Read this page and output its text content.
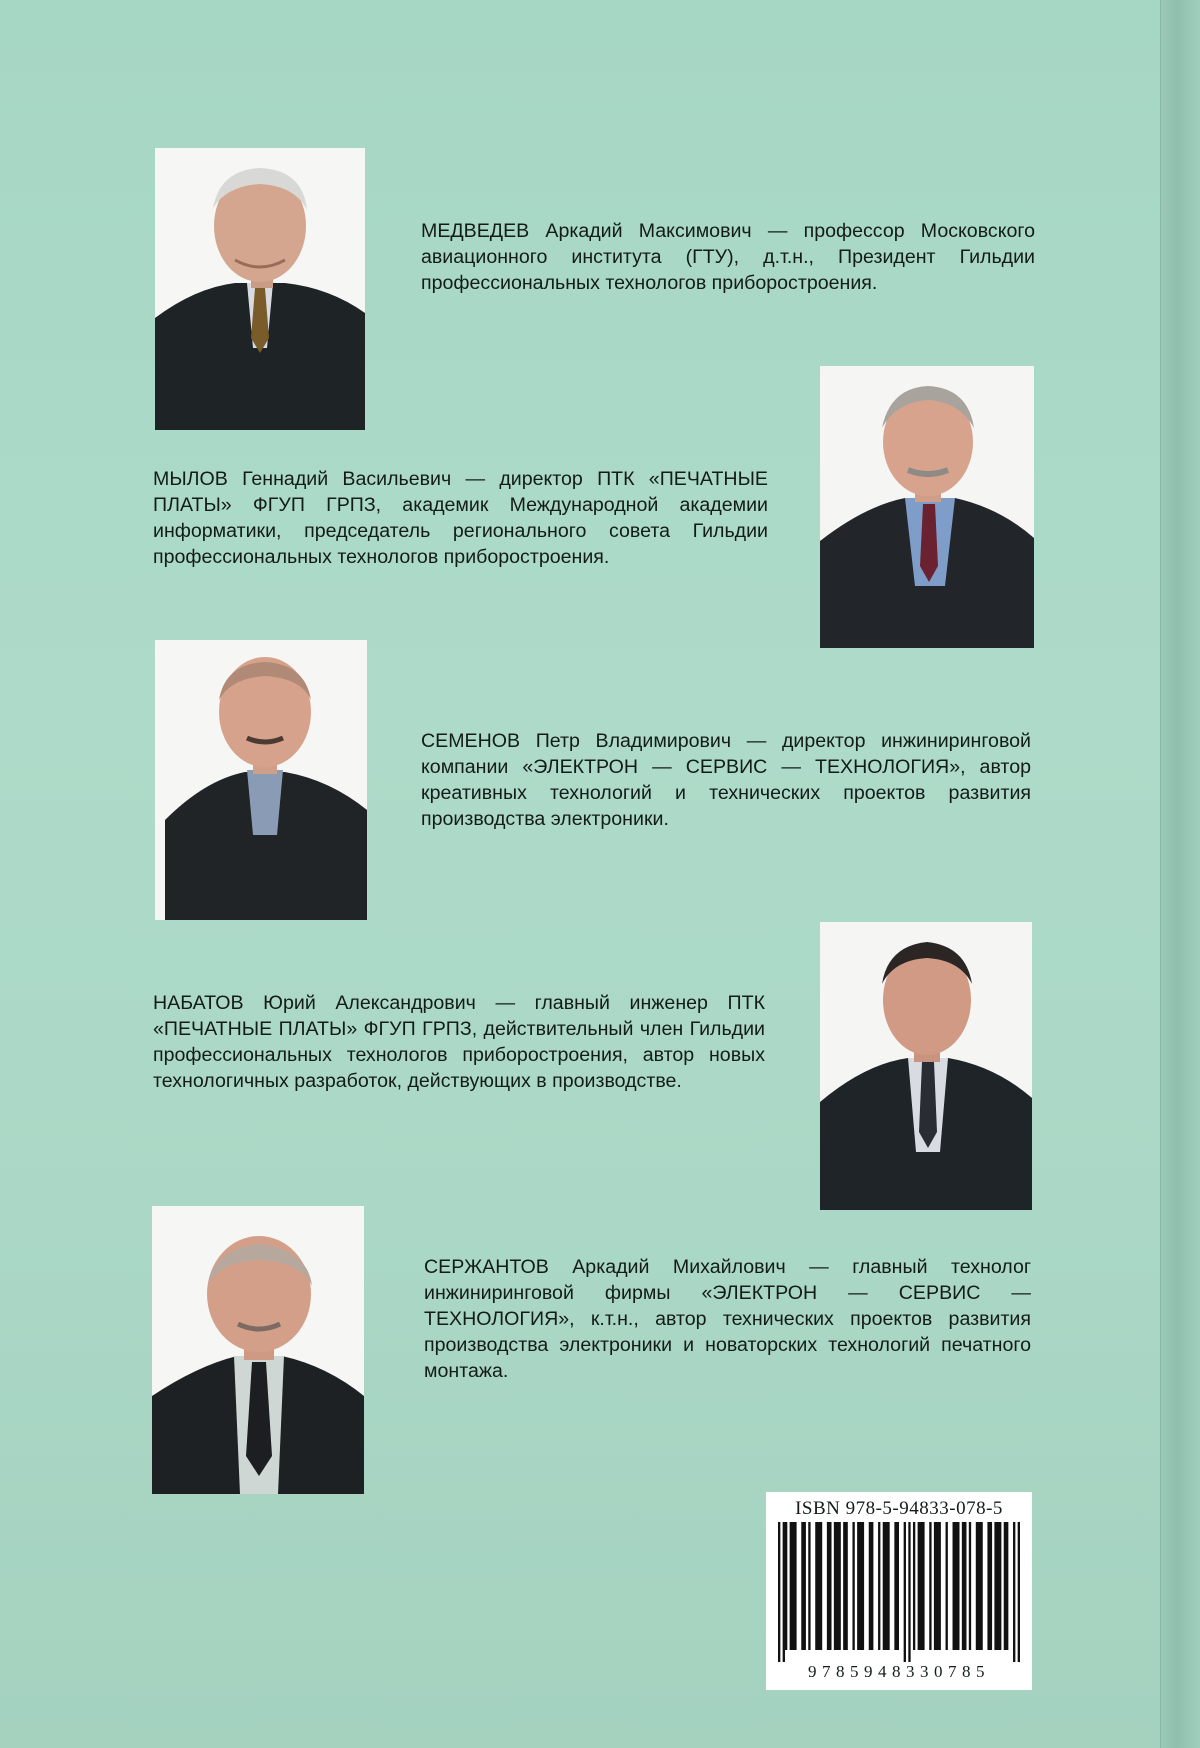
МЕДВЕДЕВ Аркадий Максимович — профессор Московского авиационного института (ГТУ), д.т.н., Президент Гильдии профессиональных технологов приборостроения.

МЫЛОВ Геннадий Васильевич — директор ПТК «ПЕЧАТНЫЕ ПЛАТЫ» ФГУП ГРПЗ, академик Международной академии информатики, председатель регионального совета Гильдии профессиональных технологов приборостроения.

СЕМЕНОВ Петр Владимирович — директор инжиниринговой компании «ЭЛЕКТРОН — СЕРВИС — ТЕХНОЛОГИЯ», автор креативных технологий и технических проектов развития производства электроники.

НАБАТОВ Юрий Александрович — главный инженер ПТК «ПЕЧАТНЫЕ ПЛАТЫ» ФГУП ГРПЗ, действительный член Гильдии профессиональных технологов приборостроения, автор новых технологичных разработок, действующих в производстве.

СЕРЖАНТОВ Аркадий Михайлович — главный технолог инжиниринговой фирмы «ЭЛЕКТРОН — СЕРВИС — ТЕХНОЛОГИЯ», к.т.н., автор технических проектов развития производства электроники и новаторских технологий печатного монтажа.

ISBN 978-5-94833-078-5
9785948330785
